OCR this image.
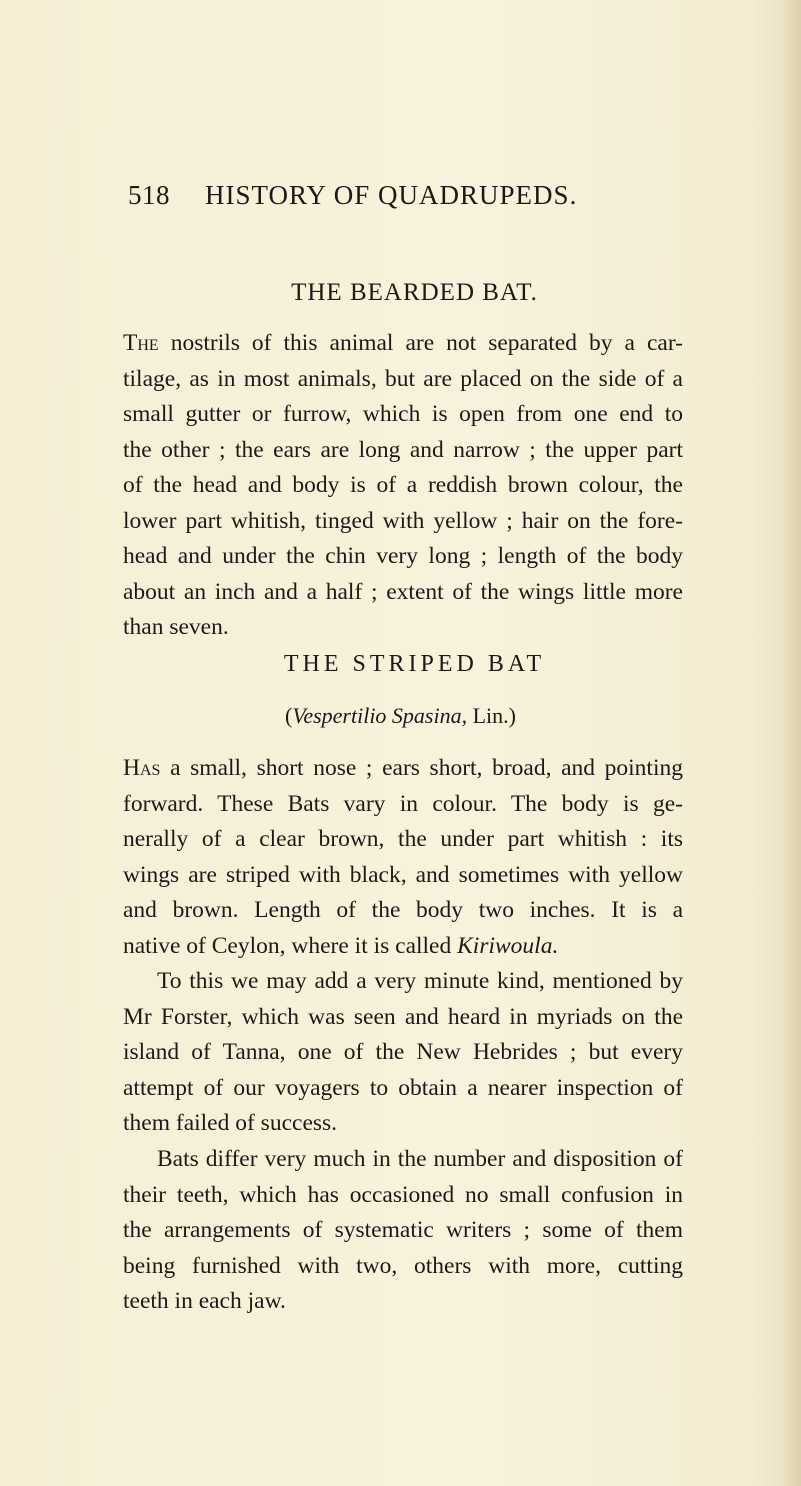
518 HISTORY OF QUADRUPEDS.
THE BEARDED BAT.
The nostrils of this animal are not separated by a car-
tilage, as in most animals, but are placed on the side of a
small gutter or furrow, which is open from one end to
the other ; the ears are long and narrow ; the upper part
of the head and body is of a reddish brown colour, the
lower part whitish, tinged with yellow ; hair on the fore-
head and under the chin very long ; length of the body
about an inch and a half ; extent of the wings little more
than seven.
THE STRIPED BAT
(Vespertilio Spasina, Lin.)
Has a small, short nose ; ears short, broad, and pointing
forward. These Bats vary in colour. The body is ge-
nerally of a clear brown, the under part whitish : its
wings are striped with black, and sometimes with yellow
and brown. Length of the body two inches. It is a
native of Ceylon, where it is called Kiriwoula.
To this we may add a very minute kind, mentioned by
Mr Forster, which was seen and heard in myriads on the
island of Tanna, one of the New Hebrides ; but every
attempt of our voyagers to obtain a nearer inspection of
them failed of success.
Bats differ very much in the number and disposition of
their teeth, which has occasioned no small confusion in
the arrangements of systematic writers ; some of them
being furnished with two, others with more, cutting
teeth in each jaw.
